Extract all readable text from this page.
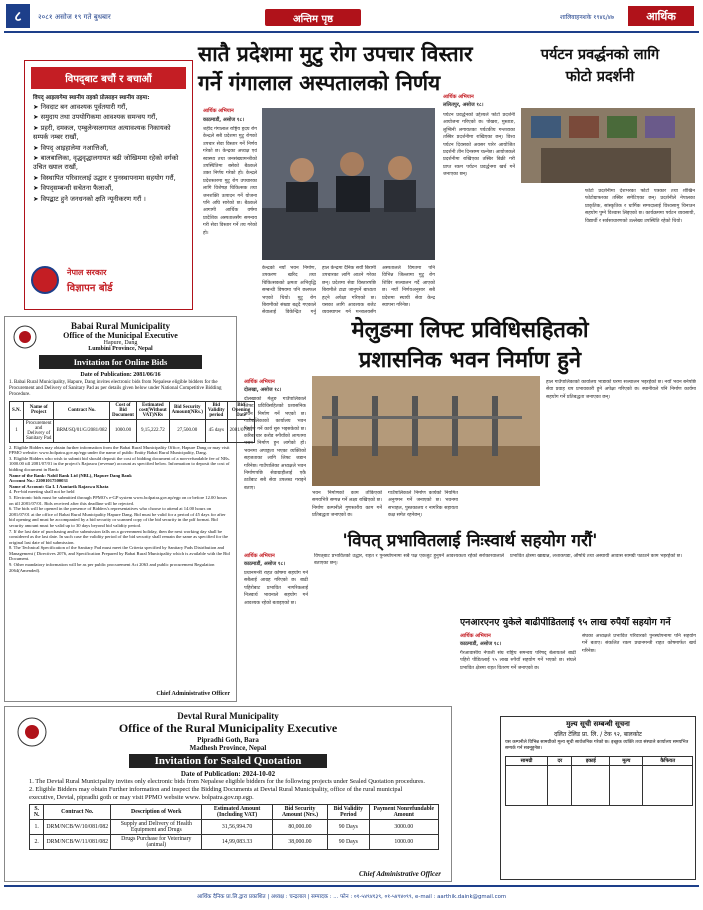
८	२०८१ असोज १९ गते बुधबार	अन्तिम पृष्ठ	शालिवाहनशके १९४६/४७	आर्थिक
विपद्‌बाट बचौं र बचाऔं
विपद् आइलागेमा स्थानीय तहको प्रोत्साहन स्थानीय तहमा:
➤ निवदाट बन आवश्यक पूर्वतयारी गरौं,
➤ समुदाय तथा उपयोगिकमा आवश्यक समन्वय गरौं,
➤ प्रहरी, दमकल, एम्बुलेन्सलगायत अत्यावश्यक निकायको सम्पर्क नम्बर राखौं,
➤ विपद् आइहालेमा नआत्तिऔं,
➤ बालबालिका, वृद्धवृद्धालगायत बढी जोखिममा रहेको वर्गको उचित ख्याल राखौं,
➤ विस्थापित परिवारलाई उद्धार र पुनस्थापनामा सहयोग गरौं,
➤ विपद्सम्बन्धी सचेतना फैलाऔं,
➤ विपद्बाट हुने जनधनको क्षति न्यूनीकरण गरौं ।
नेपाल सरकार
विज्ञापन बोर्ड
सातै प्रदेशमा मुटु रोग उपचार विस्तार
गर्ने गंगालाल अस्पतालको निर्णय
आर्थिक अभियान
काठमाडौं, असोज १८।
शहीद गंगालाल राष्ट्रिय हृदय रोग केन्द्रले सबै प्रदेशमा मुटु रोगको उपचार सेवा विस्तार गर्ने निर्णय गरेको छ। केन्द्रका अध्यक्ष एवं स्वास्थ्य तथा जनसंख्यामन्त्रीको उपस्थितिमा बसेको बैठकले उक्त निर्णय गरेको हो। केन्द्रले प्रदेशस्तरमा मुटु रोग उपचारका लागि विशेषज्ञ चिकित्सक तथा जनशक्ति उत्पादन गर्ने योजना पनि अघि सारेको छ। बैठकले आगामी आर्थिक वर्षमा प्रादेशिक अस्पतालसँग समन्वय गरी सेवा विस्तार गर्ने तय गरेको हो।
केन्द्रको नयाँ भवन निर्माण, उपकरण खरिद तथा चिकित्सकको क्षमता अभिवृद्धि सम्बन्धी विषयमा पनि छलफल भएको थियो। मुटु रोग बिरामीको संख्या बढ्दै गएकाले सेवालाई विकेन्द्रित गर्नु
हाल केन्द्रमा दैनिक सयौं बिरामी उपचारका लागि आउने गरेका छन्। प्रदेशमा सेवा विस्तारपछि बिरामीले टाढा जानुपर्ने बाध्यता हट्ने अपेक्षा गरिएको छ। यसका लागि आवश्यक बजेट व्यवस्थापन गर्न मन्त्रालयसँग
अस्पतालले विगतमा पनि विभिन्न जिल्लामा मुटु रोग शिविर सञ्चालन गर्दै आएको छ। नयाँ निर्णयअनुसार सबै प्रदेशमा स्थायी सेवा केन्द्र स्थापना गरिनेछ।
पर्यटन प्रवर्द्धनको लागि
फोटो प्रदर्शनी
आर्थिक अभियान
ललितपुर, असोज १८।
पर्यटन प्रवर्द्धनको उद्देश्यले फोटो प्रदर्शनी आयोजना गरिएको छ। पोखरा, मुस्ताङ, लुम्बिनी लगायतका पर्यटकीय गन्तव्यका तस्बिर प्रदर्शनीमा राखिएका छन्। विश्व पर्यटन दिवसको अवसर पारेर आयोजित प्रदर्शनी तीन दिनसम्म चल्नेछ। आयोजकले प्रदर्शनीमा राखिएका तस्बिर बिक्री गरी प्राप्त रकम पर्यटन प्रवर्द्धनमा खर्च गर्ने जनाएका छन्।
फोटो प्रदर्शनीमा देशभरका फोटो पत्रकार तथा शौखिन फोटोग्राफरका तस्बिर समेटिएका छन्। प्रदर्शनीले नेपालका प्राकृतिक, सांस्कृतिक र धार्मिक सम्पदालाई विश्वसामु चिनाउन सहयोग पुग्ने विश्वास लिइएको छ। कार्यक्रममा पर्यटन व्यवसायी, विद्यार्थी र सर्वसाधारणको उल्लेख्य उपस्थिति रहेको थियो।
Babai Rural Municipality
Office of the Municipal Executive
Hapure, Dang
Lumbini Province, Nepal
Invitation for Online Bids
Date of Publication: 2081/06/16
1. Babai Rural Municipality, Hapure, Dang invites electronic bids from Nepalese eligible bidders for the Procurement and Delivery of Sanitary Pad as per details given below under National Competitive Bidding Procedure.
S.N.	Name of Project	Contract No.	Cost of Bid Document	Estimated cost(Without VAT)NRs	Bid Security Amount(NRs.)	Bid Validity period	Bid Opening Date
1	Procurement and Delivery of Sanitary Pad	BRM/SQ/01/G/2081/082	1000.00	9,15,222.72	27,500.00	45 days	2081/07/01
2. Eligible Bidders may obtain further information from the Babai Rural Municipality Office, Hapure Dang or may visit PPMO website: www.bolpatra.gov.np/egp under the name of public Entity Babai Rural Municipality, Dang.
3. Eligible Bidders who wish to submit bid should deposit the cost of bidding document of a non-refundable fee of NRs. 1000.00 till 2081/07/01 in the project's Rajaswa (revenue) account as specified below. Information to deposit the cost of bidding document in Bank:
Name of the Bank: Nabil Bank Ltd (NBL), Hapure Dang Bank
Account No.: 22001017500031
Name of Account: Ga I. I Aantarik Rajaswa Khata
4. Pre-bid meeting shall not be held
5. Electronic bids must be submitted through PPMO's e-GP system www.bolpatra.gov.np/egp on or before 12.00 hours on till 2081/07/01. Bids received after this deadline will be rejected.
6. The bids will be opened in the presence of Bidders's representatives who choose to attend at 14.00 hours on 2081/07/01 at the office of Babai Rural Municipality Hapure Dang. Bid must be valid for a period of 45 days for after bid opening and must be accompanied by a bid security or scanned copy of the bid security in the pdf format. Bid security amount must be valid up to 30 days beyond bid validity period.
7. If the last date of purchasing and/or submission falls on a government holiday, then the next working day shall be considered as the last date. In such case the validity period of the bid security shall remain the same as specified for the original last date of bid submission.
8. The Technical Specification of the Sanitary Pad must meet the Criteria specified by Sanitary Pads Distribution and Management ( Directives 2076, and Specification Prepared by Babai Rural Municipality which is available with the Bid Document.
9. Other mandatory information will be as per public procurement Act 2063 and public procurement Regulation 2064(Amended).
Chief Administrative Officer
Devtal Rural Municipality
Office of the Rural Municipality Executive
Pipradhi Goth, Bara
Madhesh Province, Nepal
Invitation for Sealed Quotation
Date of Publication: 2024-10-02
1. The Devtal Rural Municipality invites only electronic bids from Nepalese eligible bidders for the following projects under Sealed Quotation procedures.
2. Eligible Bidders may obtain Further information and inspect the Bidding Documents at Devtal Rural Municipality, office of the rural municipal executive, Devtal, pipradhi goth or may visit PPMO website www. bolpatra.gov.np.egp.
S. N.	Contract No.	Description of Work	Estimated Amount (Including VAT)	Bid Security Amount (Nrs.)	Bid Validity Period	Payment Nonrefundable Amount
1.	DRM/NCB/W/10/081/082	Supply and Delivery of Health Equipment and Drugs	31,56,994.70	80,000.00	90 Days	3000.00
2.	DRM/NCB/W/11/081/082	Drugs Purchase for Veterinary (animal)	14,99,083.33	38,000.00	90 Days	1000.00
Chief Administrative Officer
मेलुङमा लिफ्ट प्रविधिसहितको
प्रशासनिक भवन निर्माण हुने
आर्थिक अभियान
दोलखा, असोज १८।
दोलखाको मेलुङ गाउँपालिकाले लिफ्ट प्रविधिसहितको प्रशासनिक भवन निर्माण गर्ने भएको छ। गाउँपालिकाको कार्यालय भवन निर्माण गर्ने कार्य सुरु भइसकेको छ। करिब चार करोड रुपैयाँको लागतमा भवन निर्माण हुन लागेको हो। भवनमा अपाङ्गता भएका व्यक्तिको सहजताका लागि लिफ्ट जडान गरिनेछ। गाउँपालिका अध्यक्षले भवन निर्माणपछि सेवाग्राहीलाई एकै ठाउँबाट सबै सेवा उपलब्ध गराइने बताए।
भवन निर्माणको काम तोकिएको समयभित्रै सम्पन्न गर्ने लक्ष्य राखिएको छ। निर्माण कम्पनीले गुणस्तरीय काम गर्ने प्रतिबद्धता जनाएको छ।
गाउँपालिकाले निर्माण कार्यको नियमित अनुगमन गर्ने जनाएको छ। भवनमा सभाहल, पुस्तकालय र नागरिक सहायता कक्ष समेत रहनेछन्।
हाल गाउँपालिकाको कार्यालय भाडाको घरमा सञ्चालन भइरहेको छ। नयाँ भवन बनेपछि सेवा प्रवाह थप प्रभावकारी हुने अपेक्षा गरिएको छ। स्थानीयले पनि निर्माण कार्यमा सहयोग गर्ने प्रतिबद्धता जनाएका छन्।
'विपत् प्रभावितलाई निःस्वार्थ सहयोग गरौं'
आर्थिक अभियान
काठमाडौं, असोज १८।
प्रधानमन्त्री राहत कोषमा सहयोग गर्न सबैलाई आग्रह गरिएको छ। बाढी पहिरोबाट प्रभावित नागरिकलाई निःस्वार्थ भावनाले सहयोग गर्न आवश्यक रहेको बताइएको छ।
विपत्‌बाट प्रभावितको उद्धार, राहत र पुनर्स्थापनामा सबै पक्ष एकजुट हुनुपर्ने आवश्यकता रहेको सरोकारवालाले बताएका छन्।
प्रभावित क्षेत्रमा खाद्यान्न, लत्ताकपडा, औषधि तथा अस्थायी आवास सामग्री पठाउने काम भइरहेको छ।
एनआरएनए युकेले बाढीपीडितलाई ९५ लाख रुपैयाँ सहयोग गर्ने
आर्थिक अभियान
काठमाडौं, असोज १८।
गैरआवासीय नेपाली संघ राष्ट्रिय समन्वय परिषद् बेलायतले बाढी पहिरो पीडितलाई ९५ लाख रुपैयाँ सहयोग गर्ने भएको छ। संघले प्रभावित क्षेत्रमा राहत वितरण गर्ने जनाएको छ।
संघका अध्यक्षले प्रभावित परिवारको पुनर्स्थापनामा पनि सहयोग गर्ने बताए। संकलित रकम प्रधानमन्त्री राहत कोषमार्फत खर्च गरिनेछ।
मुल्य सूची सम्बन्धी सूचना
दलित टेलिड प्रा. लि. / टेक ९२, बालकोट
यस कम्पनीले विभिन्न सामग्रीको मूल्य सूची सार्वजनिक गरेको छ। इच्छुक व्यक्ति तथा संस्थाले कार्यालय समयभित्र सम्पर्क गर्न सक्नुहुनेछ।
सामग्री	दर	इकाई	मूल्य	कैफियत

आर्थिक दैनिक प्रा.लि.द्वारा प्रकाशित | अध्यक्ष : चन्द्रलाल | सम्पादक : ... फोन : ०१-५४९४१३९, ०१-५४९४०९९, e-mail : aarthik.daink@gmail.com
